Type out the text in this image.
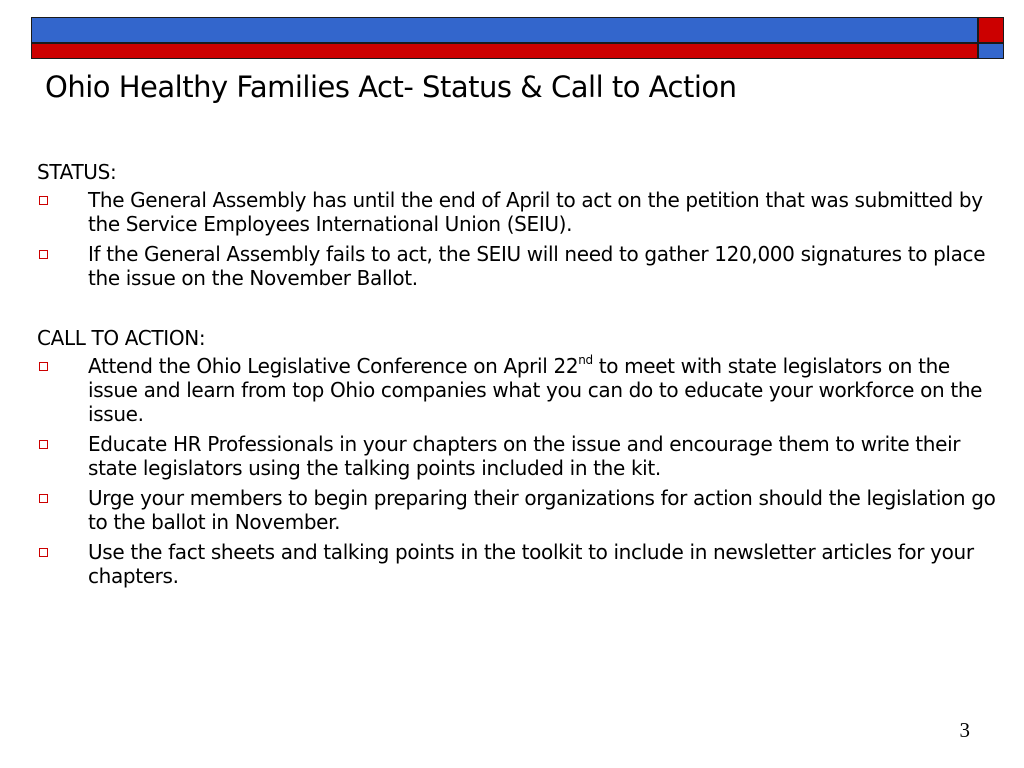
Ohio Healthy Families Act- Status & Call to Action

STATUS:

The General Assembly has until the end of April to act on the petition that was submitted by the Service Employees International Union (SEIU).
If the General Assembly fails to act, the SEIU will need to gather 120,000 signatures to place the issue on the November Ballot.

CALL TO ACTION:

Attend the Ohio Legislative Conference on April 22nd to meet with state legislators on the issue and learn from top Ohio companies what you can do to educate your workforce on the issue.
Educate HR Professionals in your chapters on the issue and encourage them to write their state legislators using the talking points included in the kit.
Urge your members to begin preparing their organizations for action should the legislation go to the ballot in November.
Use the fact sheets and talking points in the toolkit to include in newsletter articles for your chapters.
3
